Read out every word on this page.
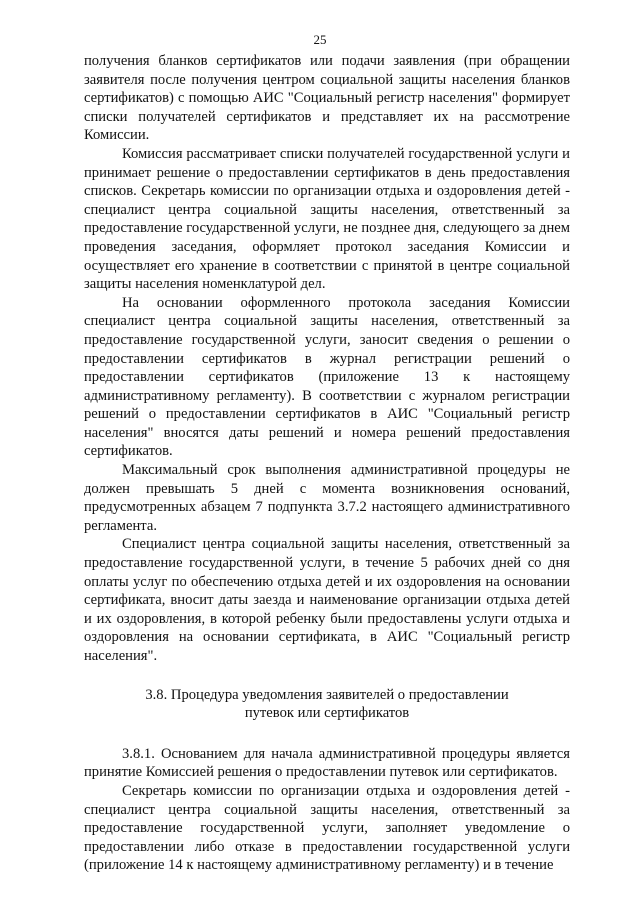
25

получения бланков сертификатов или подачи заявления (при обращении заявителя после получения центром социальной защиты населения бланков сертификатов) с помощью АИС "Социальный регистр населения" формирует списки получателей сертификатов и представляет их на рассмотрение Комиссии.

Комиссия рассматривает списки получателей государственной услуги и принимает решение о предоставлении сертификатов в день предоставления списков. Секретарь комиссии по организации отдыха и оздоровления детей - специалист центра социальной защиты населения, ответственный за предоставление государственной услуги, не позднее дня, следующего за днем проведения заседания, оформляет протокол заседания Комиссии и осуществляет его хранение в соответствии с принятой в центре социальной защиты населения номенклатурой дел.

На основании оформленного протокола заседания Комиссии специалист центра социальной защиты населения, ответственный за предоставление государственной услуги, заносит сведения о решении о предоставлении сертификатов в журнал регистрации решений о предоставлении сертификатов (приложение 13 к настоящему административному регламенту). В соответствии с журналом регистрации решений о предоставлении сертификатов в АИС "Социальный регистр населения" вносятся даты решений и номера решений предоставления сертификатов.

Максимальный срок выполнения административной процедуры не должен превышать 5 дней с момента возникновения оснований, предусмотренных абзацем 7 подпункта 3.7.2 настоящего административного регламента.

Специалист центра социальной защиты населения, ответственный за предоставление государственной услуги, в течение 5 рабочих дней со дня оплаты услуг по обеспечению отдыха детей и их оздоровления на основании сертификата, вносит даты заезда и наименование организации отдыха детей и их оздоровления, в которой ребенку были предоставлены услуги отдыха и оздоровления на основании сертификата, в АИС "Социальный регистр населения".

3.8. Процедура уведомления заявителей о предоставлении
путевок или сертификатов

3.8.1. Основанием для начала административной процедуры является принятие Комиссией решения о предоставлении путевок или сертификатов.

Секретарь комиссии по организации отдыха и оздоровления детей - специалист центра социальной защиты населения, ответственный за предоставление государственной услуги, заполняет уведомление о предоставлении либо отказе в предоставлении государственной услуги (приложение 14 к настоящему административному регламенту) и в течение
